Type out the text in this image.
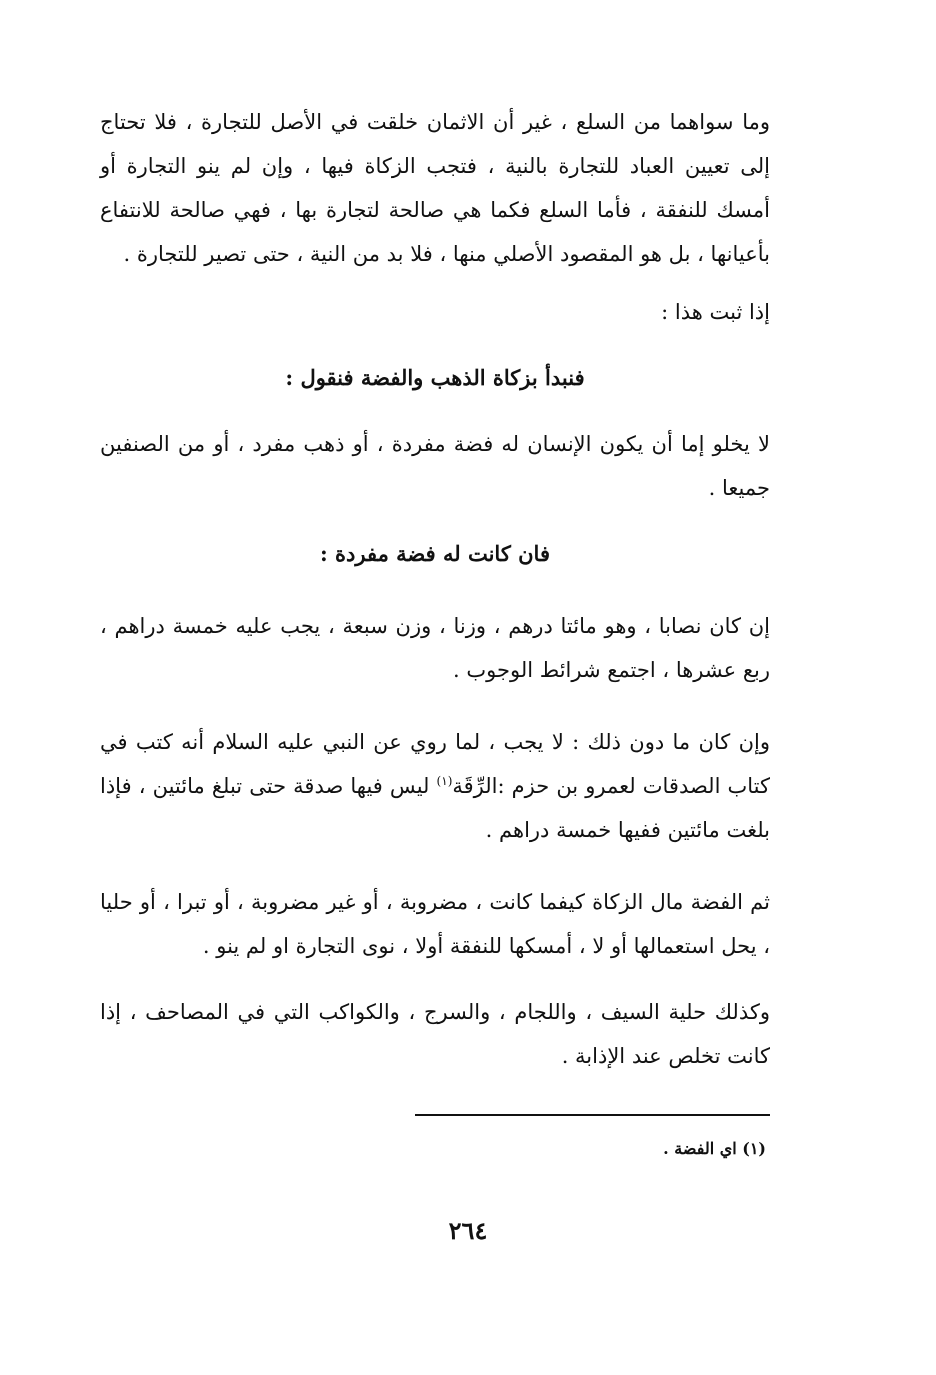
وما سواهما من السلع ، غير أن الاثمان خلقت في الأصل للتجارة ، فلا تحتاج إلى تعيين العباد للتجارة بالنية ، فتجب الزكاة فيها ، وإن لم ينو التجارة أو أمسك للنفقة ، فأما السلع فكما هي صالحة لتجارة بها ، فهي صالحة للانتفاع بأعيانها ، بل هو المقصود الأصلي منها ، فلا بد من النية ، حتى تصير للتجارة .

إذا ثبت هذا :

فنبدأ بزكاة الذهب والفضة فنقول :

لا يخلو إما أن يكون الإنسان له فضة مفردة ، أو ذهب مفرد ، أو من الصنفين جميعا .

فان كانت له فضة مفردة :

إن كان نصابا ، وهو مائتا درهم ، وزنا ، وزن سبعة ، يجب عليه خمسة دراهم ، ربع عشرها ، اجتمع شرائط الوجوب .

وإن كان ما دون ذلك : لا يجب ، لما روي عن النبي عليه السلام أنه كتب في كتاب الصدقات لعمرو بن حزم :الرِّقَة$^{(١)}$ ليس فيها صدقة حتى تبلغ مائتين ، فإذا بلغت مائتين ففيها خمسة دراهم .

ثم الفضة مال الزكاة كيفما كانت ، مضروبة ، أو غير مضروبة ، أو تبرا ، أو حليا ، يحل استعمالها أو لا ، أمسكها للنفقة أولا ، نوى التجارة او لم ينو .

وكذلك حلية السيف ، واللجام ، والسرج ، والكواكب التي في المصاحف ، إذا كانت تخلص عند الإذابة .

(١) اي الفضة .
٢٦٤
